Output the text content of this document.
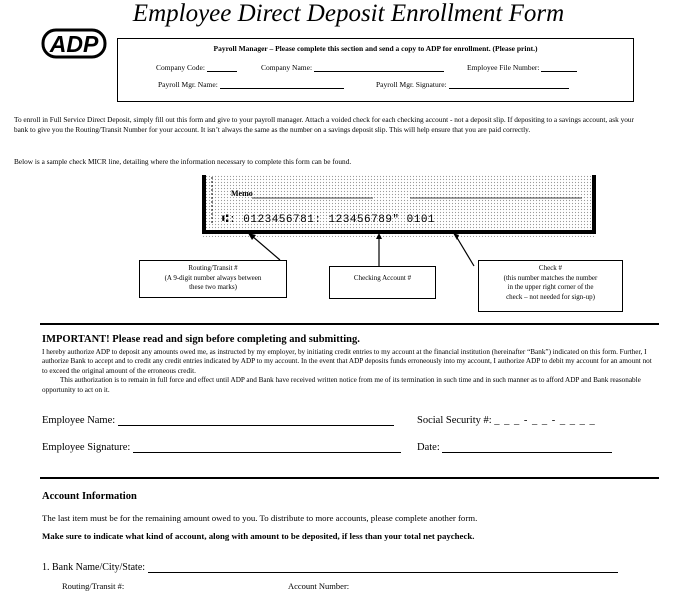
Employee Direct Deposit Enrollment Form
ADP	Payroll Manager – Please complete this section and send a copy to ADP for enrollment. (Please print.)
Company Code:	Company Name:	Employee File Number:
Payroll Mgr. Name:	Payroll Mgr. Signature:
To enroll in Full Service Direct Deposit, simply fill out this form and give to your payroll manager. Attach a voided check for each checking account - not a deposit slip. If depositing to a savings account, ask your bank to give you the Routing/Transit Number for your account. It isn’t always the same as the number on a savings deposit slip. This will help ensure that you are paid correctly.
Below is a sample check MICR line, detailing where the information necessary to complete this form can be found.
Memo
⑆: 0123456781: 123456789" 0101
Routing/Transit #
(A 9-digit number always between
these two marks)
Checking Account #
Check #
(this number matches the number
in the upper right corner of the
check – not needed for sign-up)
IMPORTANT! Please read and sign before completing and submitting.
I hereby authorize ADP to deposit any amounts owed me, as instructed by my employer, by initiating credit entries to my account at the financial institution (hereinafter “Bank”) indicated on this form. Further, I authorize Bank to accept and to credit any credit entries indicated by ADP to my account. In the event that ADP deposits funds erroneously into my account, I authorize ADP to debit my account for an amount not to exceed the original amount of the erroneous credit.
This authorization is to remain in full force and effect until ADP and Bank have received written notice from me of its termination in such time and in such manner as to afford ADP and Bank reasonable opportunity to act on it.
Employee Name:	Social Security #: _ _ _ - _ _ - _ _ _ _
Employee Signature:	Date:
Account Information
The last item must be for the remaining amount owed to you. To distribute to more accounts, please complete another form.
Make sure to indicate what kind of account, along with amount to be deposited, if less than your total net paycheck.
1. Bank Name/City/State:
Routing/Transit #:	Account Number:
